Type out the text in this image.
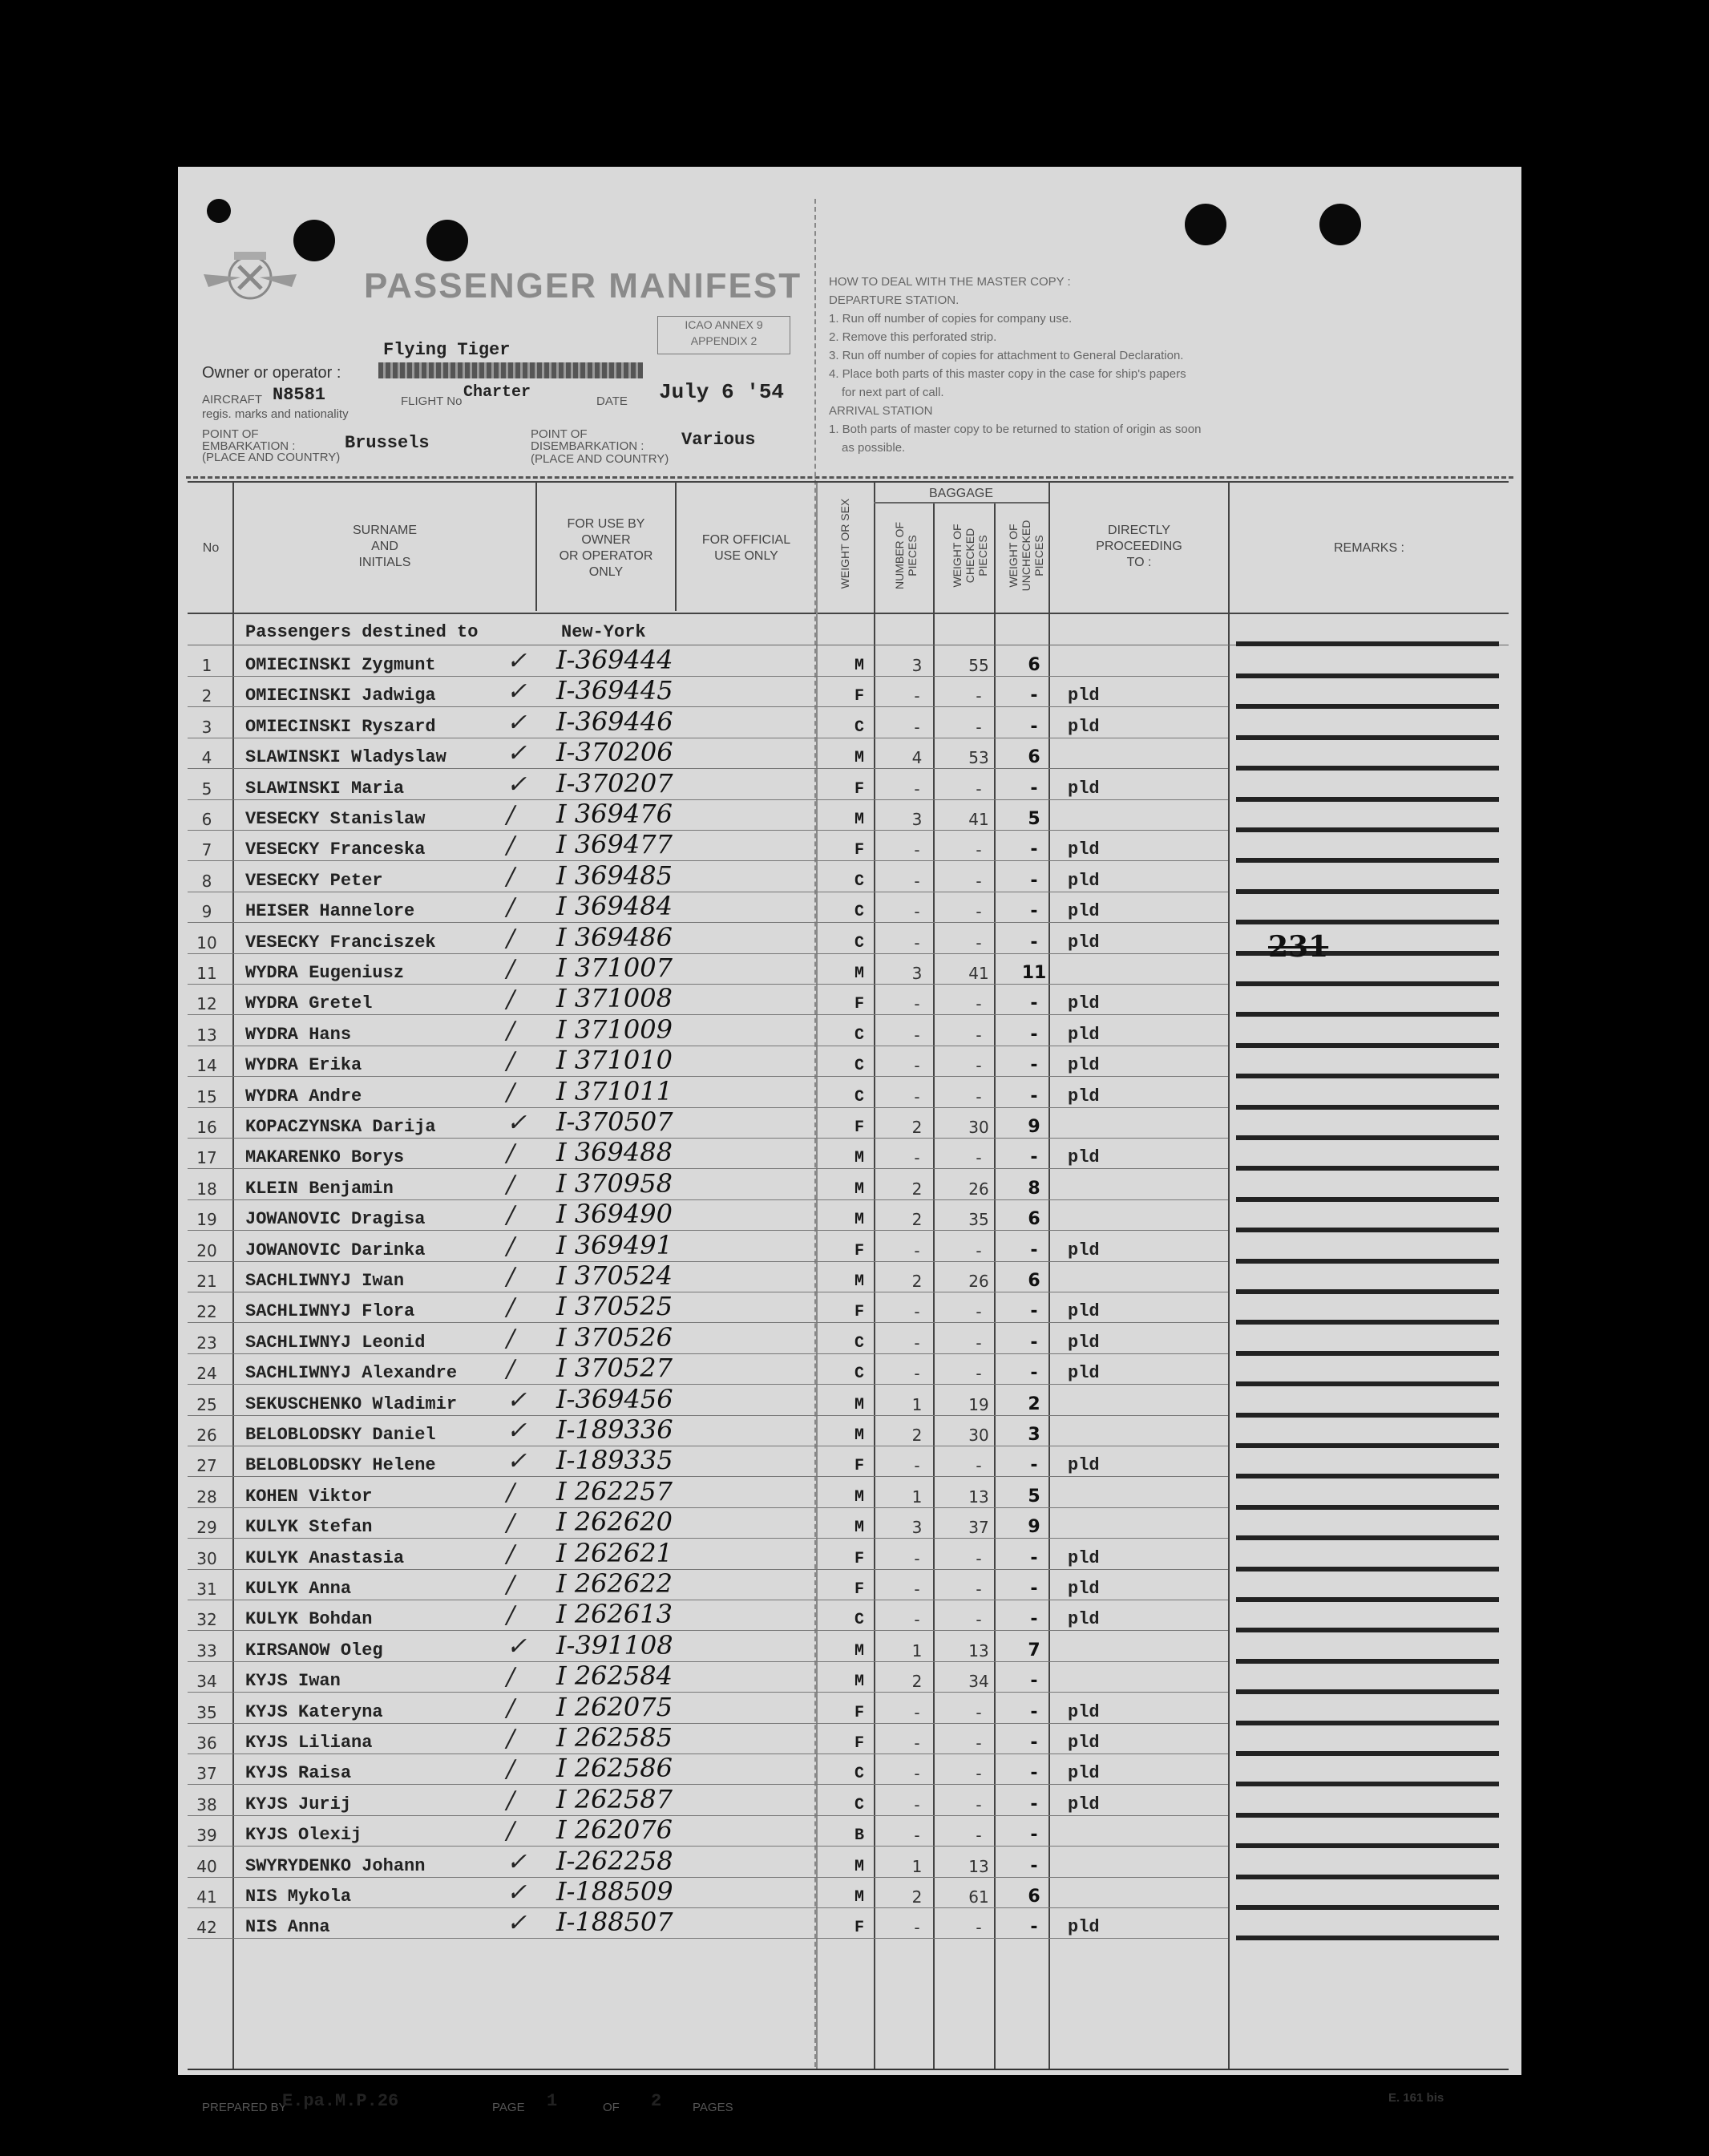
PASSENGER MANIFEST
ICAO ANNEX 9
APPENDIX 2
Flying Tiger
Owner or operator :
AIRCRAFT N8581	FLIGHT No Charter	DATE July 6 '54
regis. marks and nationality
POINT OF EMBARKATION :	Brussels
(PLACE AND COUNTRY)
POINT OF DISEMBARKATION :	Various
(PLACE AND COUNTRY)
HOW TO DEAL WITH THE MASTER COPY :
DEPARTURE STATION.
1. Run off number of copies for company use.
2. Remove this perforated strip.
3. Run off number of copies for attachment to General Declaration.
4. Place both parts of this master copy in the case for ship's papers
for next part of call.
ARRIVAL STATION
1. Both parts of master copy to be returned to station of origin as soon
as possible.
No
SURNAME
AND
INITIALS
FOR USE BY
OWNER
OR OPERATOR
ONLY
FOR OFFICIAL
USE ONLY	WEIGHT OR SEX
BAGGAGE
NUMBER OF PIECES	WEIGHT OF CHECKED PIECES WEIGHT OF UNCHECKED PIECES
DIRECTLY
PROCEEDING
TO :
REMARKS :
Passengers destined to	New-York
1	OMIECINSKI Zygmunt	✓ I-369444	M	3	55	6
2	OMIECINSKI Jadwiga	✓ I-369445	F	-	-	-	pld
3	OMIECINSKI Ryszard	✓ I-369446	C	-	-	-	pld
4	SLAWINSKI Wladyslaw	✓ I-370206	M	4	53	6
5	SLAWINSKI Maria	✓ I-370207	F	-	-	-	pld
6	VESECKY Stanislaw	/ I 369476	M	3	41	5
7	VESECKY Franceska	/ I 369477	F	-	-	-	pld
8	VESECKY Peter	/ I 369485	C	-	-	-	pld
9	HEISER Hannelore	/ I 369484	C	-	-	-	pld
10	VESECKY Franciszek	/ I 369486	C	-	-	-	pld
11	WYDRA Eugeniusz	/ I 371007	M	3	41	11
12	WYDRA Gretel	/ I 371008	F	-	-	-	pld
13	WYDRA Hans	/ I 371009	C	-	-	-	pld
14	WYDRA Erika	/ I 371010	C	-	-	-	pld
15	WYDRA Andre	/ I 371011	C	-	-	-	pld
16	KOPACZYNSKA Darija	✓ I-370507	F	2	30	9
17	MAKARENKO Borys	/ I 369488	M	-	-	-	pld
18	KLEIN Benjamin	/ I 370958	M	2	26	8
19	JOWANOVIC Dragisa	/ I 369490	M	2	35	6
20	JOWANOVIC Darinka	/ I 369491	F	-	-	-	pld
21	SACHLIWNYJ Iwan	/ I 370524	M	2	26	6
22	SACHLIWNYJ Flora	/ I 370525	F	-	-	-	pld
23	SACHLIWNYJ Leonid	/ I 370526	C	-	-	-	pld
24	SACHLIWNYJ Alexandre / I 370527	C	-	-	-	pld
25	SEKUSCHENKO Wladimir ✓ I-369456	M	1	19	2
26	BELOBLODSKY Daniel	✓ I-189336	M	2	30	3
27	BELOBLODSKY Helene	✓ I-189335	F	-	-	-	pld
28	KOHEN Viktor	/ I 262257	M	1	13	5
29	KULYK Stefan	/ I 262620	M	3	37	9
30	KULYK Anastasia	/ I 262621	F	-	-	-	pld
31	KULYK Anna	/ I 262622	F	-	-	-	pld
32	KULYK Bohdan	/ I 262613	C	-	-	-	pld
33	KIRSANOW Oleg	✓ I-391108	M	1	13	7
34	KYJS Iwan	/ I 262584	M	2	34	-
35	KYJS Kateryna	/ I 262075	F	-	-	-	pld
36	KYJS Liliana	/ I 262585	F	-	-	-	pld
37	KYJS Raisa	/ I 262586	C	-	-	-	pld
38	KYJS Jurij	/ I 262587	C	-	-	-	pld
39	KYJS Olexij	/ I 262076	B	-	-	-
40	SWYRYDENKO Johann	✓ I-262258	M	1	13	-
41	NIS Mykola	✓ I-188509	M	2	61	6
42	NIS Anna	✓ I-188507	F	-	-	-	pld
231
PREPARED BY
E.pa.M.P.26	PAGE 1	OF 2	PAGES
E. 161 bis
